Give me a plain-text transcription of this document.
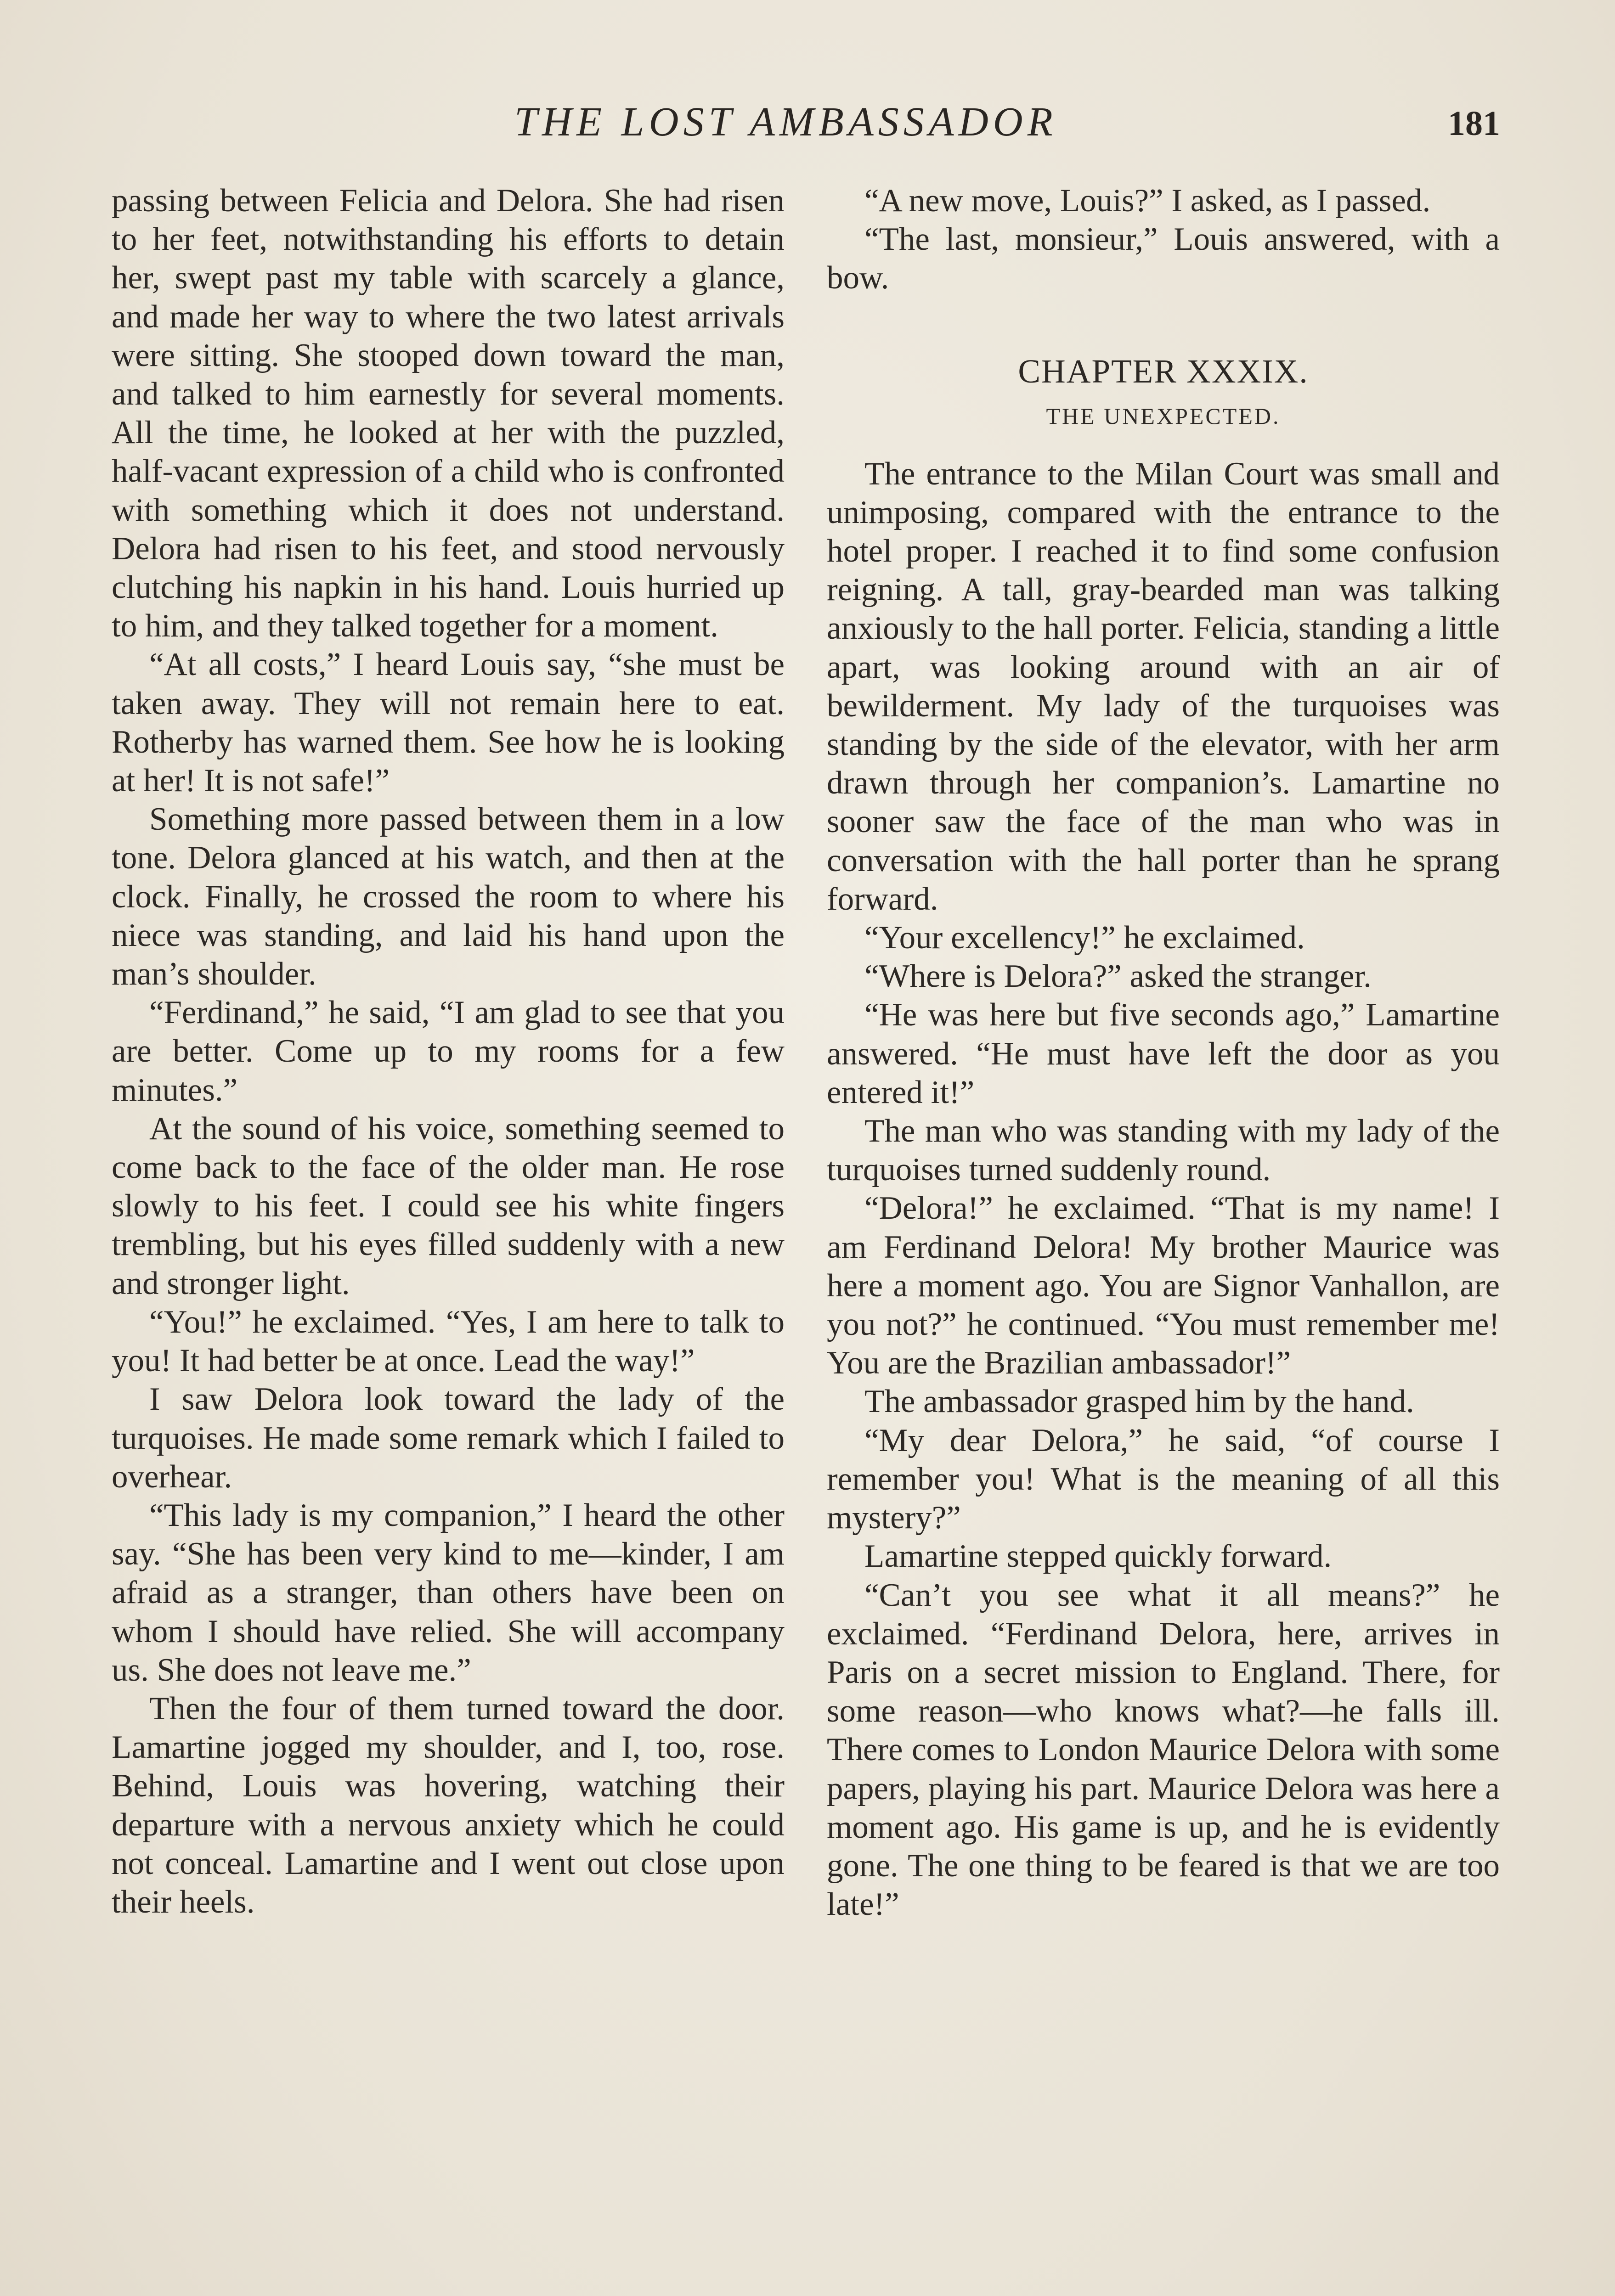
THE LOST AMBASSADOR	181

passing between Felicia and Delora. She had risen to her feet, notwithstanding his efforts to detain her, swept past my table with scarcely a glance, and made her way to where the two latest arrivals were sitting. She stooped down toward the man, and talked to him earnestly for several moments. All the time, he looked at her with the puzzled, half-vacant expression of a child who is confronted with something which it does not understand. Delora had risen to his feet, and stood nervously clutching his napkin in his hand. Louis hurried up to him, and they talked together for a moment.

“At all costs,” I heard Louis say, “she must be taken away. They will not remain here to eat. Rotherby has warned them. See how he is looking at her! It is not safe!”

Something more passed between them in a low tone. Delora glanced at his watch, and then at the clock. Finally, he crossed the room to where his niece was standing, and laid his hand upon the man’s shoulder.

“Ferdinand,” he said, “I am glad to see that you are better. Come up to my rooms for a few minutes.”

At the sound of his voice, something seemed to come back to the face of the older man. He rose slowly to his feet. I could see his white fingers trembling, but his eyes filled suddenly with a new and stronger light.

“You!” he exclaimed. “Yes, I am here to talk to you! It had better be at once. Lead the way!”

I saw Delora look toward the lady of the turquoises. He made some remark which I failed to overhear.

“This lady is my companion,” I heard the other say. “She has been very kind to me—kinder, I am afraid as a stranger, than others have been on whom I should have relied. She will accompany us. She does not leave me.”

Then the four of them turned toward the door. Lamartine jogged my shoulder, and I, too, rose. Behind, Louis was hovering, watching their departure with a nervous anxiety which he could not conceal. Lamartine and I went out close upon their heels.

“A new move, Louis?” I asked, as I passed.

“The last, monsieur,” Louis answered, with a bow.

CHAPTER XXXIX.
THE UNEXPECTED.

The entrance to the Milan Court was small and unimposing, compared with the entrance to the hotel proper. I reached it to find some confusion reigning. A tall, gray-bearded man was talking anxiously to the hall porter. Felicia, standing a little apart, was looking around with an air of bewilderment. My lady of the turquoises was standing by the side of the elevator, with her arm drawn through her companion’s. Lamartine no sooner saw the face of the man who was in conversation with the hall porter than he sprang forward.

“Your excellency!” he exclaimed.

“Where is Delora?” asked the stranger.

“He was here but five seconds ago,” Lamartine answered. “He must have left the door as you entered it!”

The man who was standing with my lady of the turquoises turned suddenly round.

“Delora!” he exclaimed. “That is my name! I am Ferdinand Delora! My brother Maurice was here a moment ago. You are Signor Vanhallon, are you not?” he continued. “You must remember me! You are the Brazilian ambassador!”

The ambassador grasped him by the hand.

“My dear Delora,” he said, “of course I remember you! What is the meaning of all this mystery?”

Lamartine stepped quickly forward.

“Can’t you see what it all means?” he exclaimed. “Ferdinand Delora, here, arrives in Paris on a secret mission to England. There, for some reason—who knows what?—he falls ill. There comes to London Maurice Delora with some papers, playing his part. Maurice Delora was here a moment ago. His game is up, and he is evidently gone. The one thing to be feared is that we are too late!”
